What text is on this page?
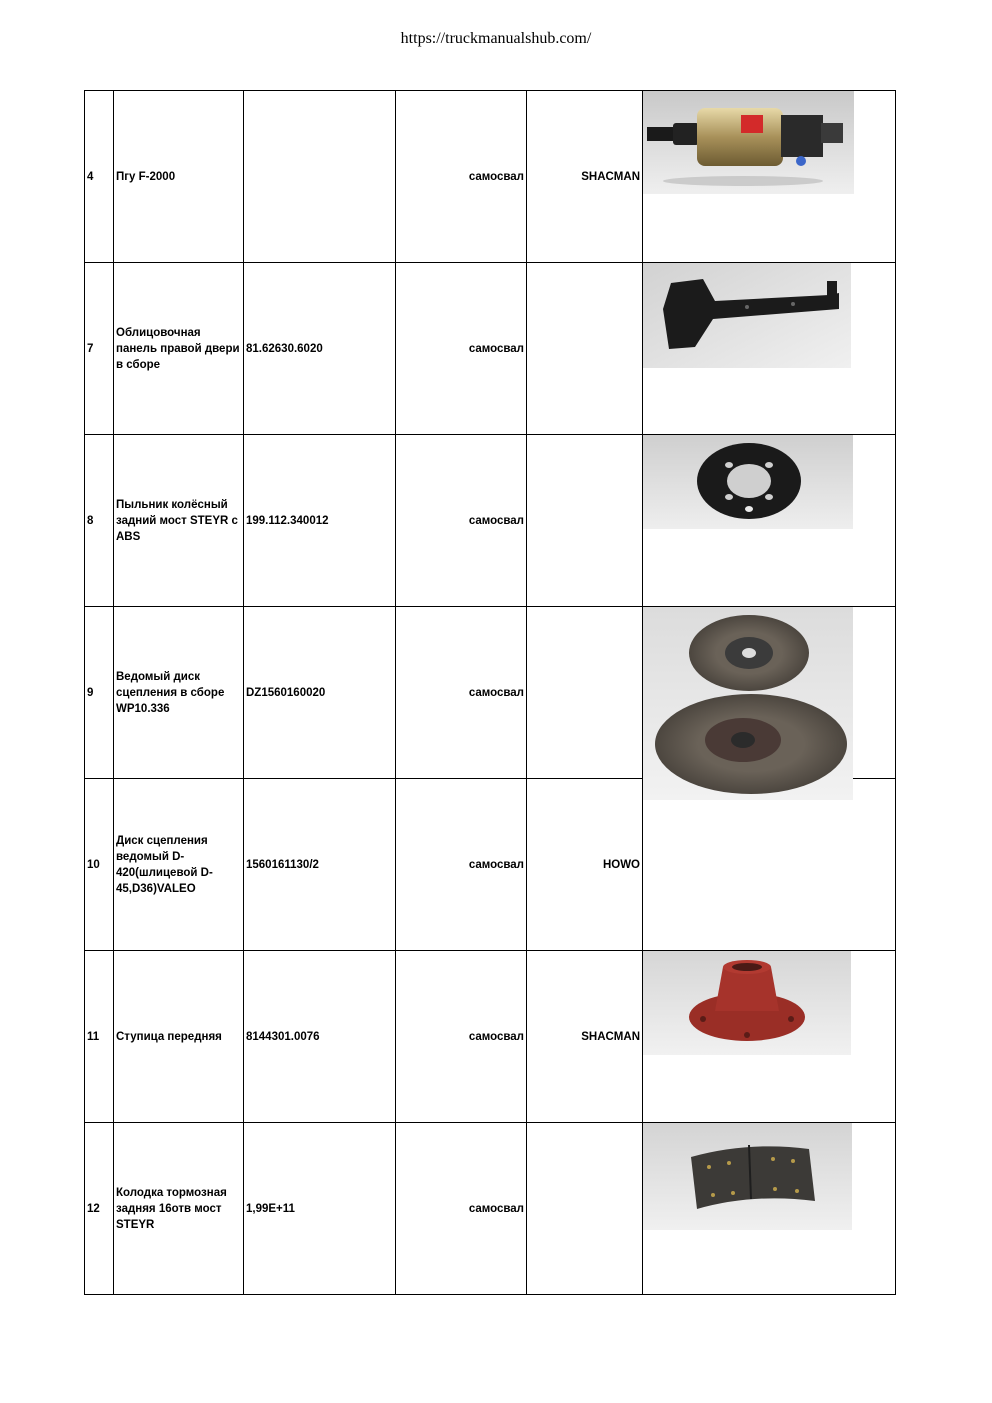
https://truckmanualshub.com/
4	Пгу F-2000		самосвал	SHACMAN	

7	Облицовочная панель правой двери в сборе	81.62630.6020	самосвал		

8	Пыльник колёсный задний мост STEYR с ABS	199.112.340012	самосвал		

9	Ведомый диск сцепления в сборе WP10.336	DZ1560160020	самосвал		

10	Диск сцепления ведомый D-420(шлицевой D-45,D36)VALEO	1560161130/2	самосвал	HOWO	
11	Ступица передняя	8144301.0076	самосвал	SHACMAN	

12	Колодка тормозная задняя 16отв мост STEYR	1,99E+11	самосвал		
